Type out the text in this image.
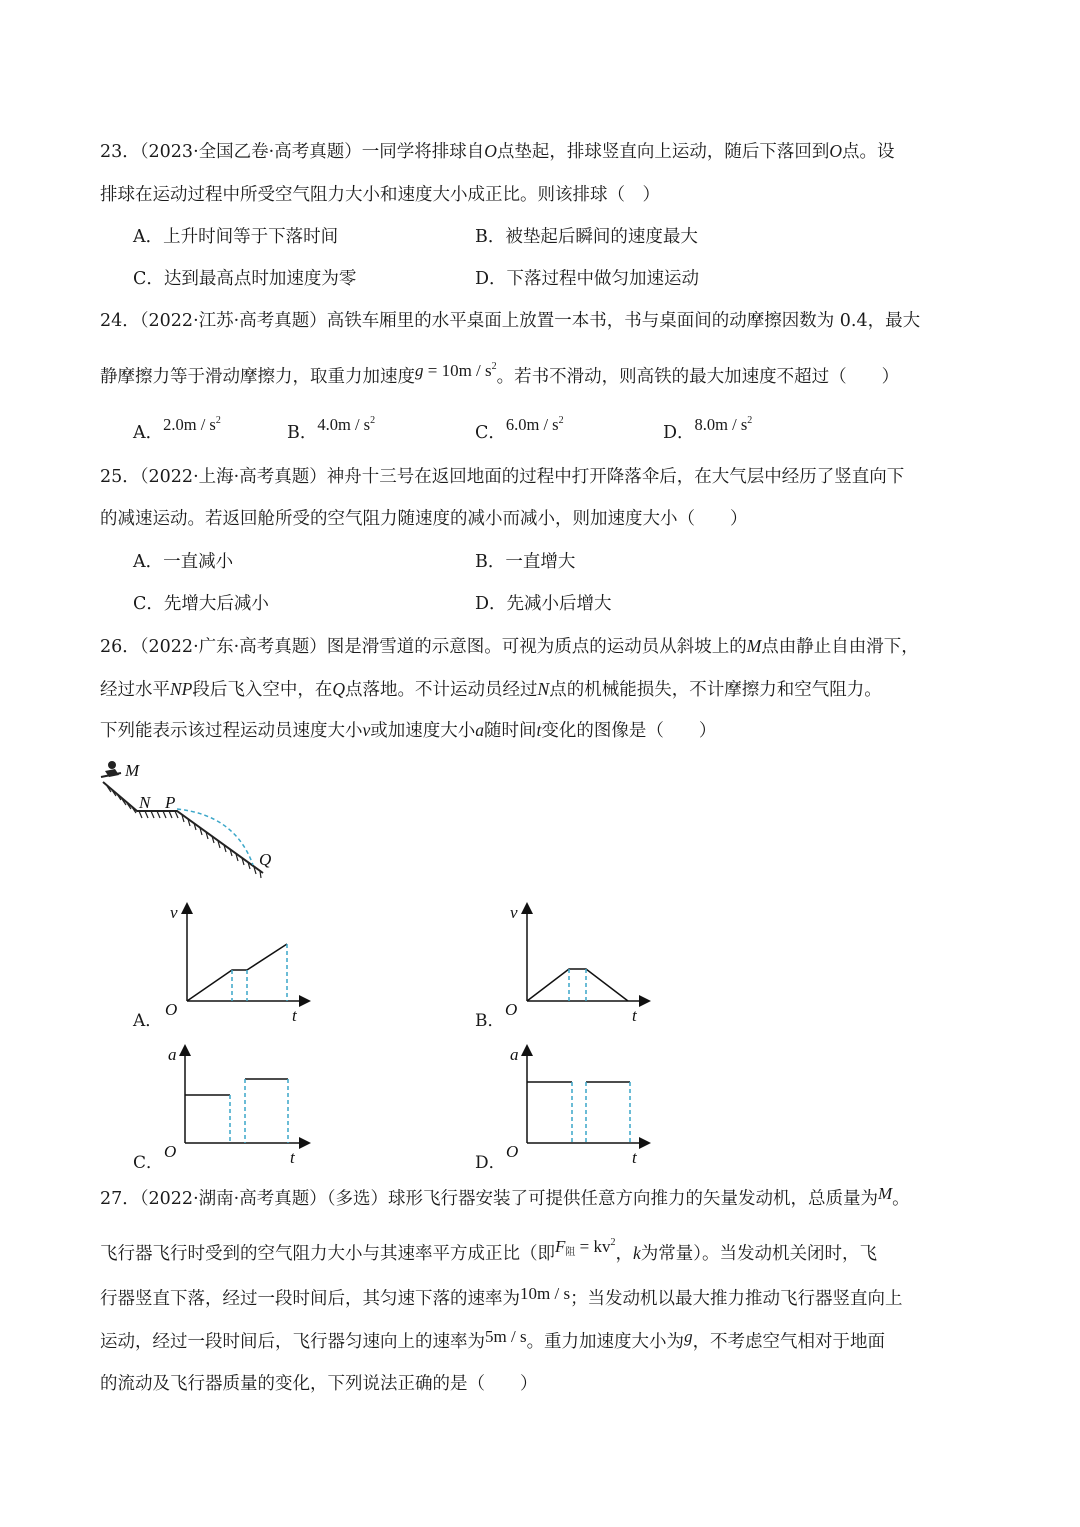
23．（2023·全国乙卷·高考真题）一同学将排球自O点垫起，排球竖直向上运动，随后下落回到O点。设
排球在运动过程中所受空气阻力大小和速度大小成正比。则该排球（　）
A．上升时间等于下落时间	B．被垫起后瞬间的速度最大
C．达到最高点时加速度为零	D．下落过程中做匀加速运动
24．（2022·江苏·高考真题）高铁车厢里的水平桌面上放置一本书，书与桌面间的动摩擦因数为 0.4，最大
静摩擦力等于滑动摩擦力，取重力加速度$g = 10m / s^2$。若书不滑动，则高铁的最大加速度不超过（　　）
A．$2.0m / s^2$
B．$4.0m / s^2$
C．$6.0m / s^2$
D．$8.0m / s^2$
25．（2022·上海·高考真题）神舟十三号在返回地面的过程中打开降落伞后，在大气层中经历了竖直向下
的减速运动。若返回舱所受的空气阻力随速度的减小而减小，则加速度大小（　　）
A．一直减小	B．一直增大
C．先增大后减小	D．先减小后增大
26．（2022·广东·高考真题）图是滑雪道的示意图。可视为质点的运动员从斜坡上的M点由静止自由滑下，
经过水平NP段后飞入空中，在Q点落地。不计运动员经过N点的机械能损失，不计摩擦力和空气阻力。
下列能表示该过程运动员速度大小v或加速度大小a随时间t变化的图像是（　　）
M
N P
Q
A．
v
t
O
B．
v
t
O
C．
a
t
O
D．
a
t
O
27．（2022·湖南·高考真题）（多选）球形飞行器安装了可提供任意方向推力的矢量发动机，总质量为M。
飞行器飞行时受到的空气阻力大小与其速率平方成正比（即$F_阻 = kv^2$，k为常量）。当发动机关闭时，飞
行器竖直下落，经过一段时间后，其匀速下落的速率为10m / s；当发动机以最大推力推动飞行器竖直向上
运动，经过一段时间后，飞行器匀速向上的速率为5m / s。重力加速度大小为g，不考虑空气相对于地面
的流动及飞行器质量的变化，下列说法正确的是（　　）
